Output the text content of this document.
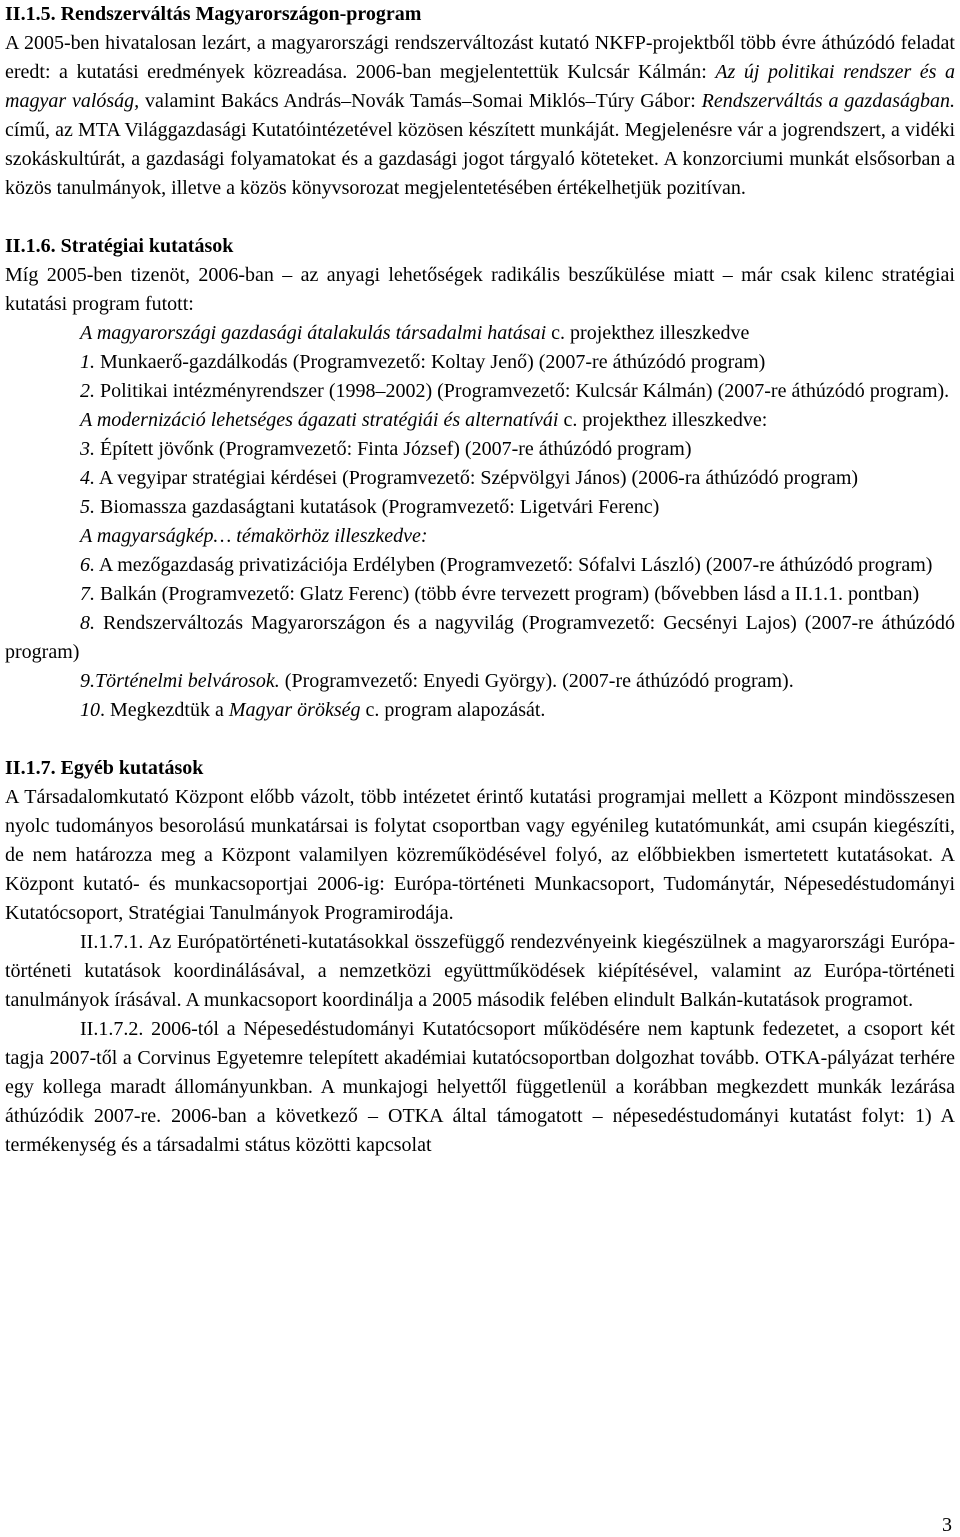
II.1.5. Rendszerváltás Magyarországon-program

A 2005-ben hivatalosan lezárt, a magyarországi rendszerváltozást kutató NKFP-projektből több évre áthúzódó feladat eredt: a kutatási eredmények közreadása. 2006-ban megjelentettük Kulcsár Kálmán: Az új politikai rendszer és a magyar valóság, valamint Bakács András–Novák Tamás–Somai Miklós–Túry Gábor: Rendszerváltás a gazdaságban. című, az MTA Világgazdasági Kutatóintézetével közösen készített munkáját. Megjelenésre vár a jogrendszert, a vidéki szokáskultúrát, a gazdasági folyamatokat és a gazdasági jogot tárgyaló köteteket. A konzorciumi munkát elsősorban a közös tanulmányok, illetve a közös könyvsorozat megjelentetésében értékelhetjük pozitívan.

II.1.6. Stratégiai kutatások

Míg 2005-ben tizenöt, 2006-ban – az anyagi lehetőségek radikális beszűkülése miatt – már csak kilenc stratégiai kutatási program futott:

A magyarországi gazdasági átalakulás társadalmi hatásai c. projekthez illeszkedve

1. Munkaerő-gazdálkodás (Programvezető: Koltay Jenő) (2007-re áthúzódó program)

2. Politikai intézményrendszer (1998–2002) (Programvezető: Kulcsár Kálmán) (2007-re áthúzódó program).

A modernizáció lehetséges ágazati stratégiái és alternatívái c. projekthez illeszkedve:

3. Épített jövőnk (Programvezető: Finta József) (2007-re áthúzódó program)

4. A vegyipar stratégiai kérdései (Programvezető: Szépvölgyi János) (2006-ra áthúzódó program)

5. Biomassza gazdaságtani kutatások (Programvezető: Ligetvári Ferenc)

A magyarságkép… témakörhöz illeszkedve:

6. A mezőgazdaság privatizációja Erdélyben (Programvezető: Sófalvi László) (2007-re áthúzódó program)

7. Balkán (Programvezető: Glatz Ferenc) (több évre tervezett program) (bővebben lásd a II.1.1. pontban)

8. Rendszerváltozás Magyarországon és a nagyvilág (Programvezető: Gecsényi Lajos) (2007-re áthúzódó program)

9.Történelmi belvárosok. (Programvezető: Enyedi György). (2007-re áthúzódó program).

10. Megkezdtük a Magyar örökség c. program alapozását.

II.1.7. Egyéb kutatások

A Társadalomkutató Központ előbb vázolt, több intézetet érintő kutatási programjai mellett a Központ mindösszesen nyolc tudományos besorolású munkatársai is folytat csoportban vagy egyénileg kutatómunkát, ami csupán kiegészíti, de nem határozza meg a Központ valamilyen közreműködésével folyó, az előbbiekben ismertetett kutatásokat. A Központ kutató- és munkacsoportjai 2006-ig: Európa-történeti Munkacsoport, Tudománytár, Népesedéstudományi Kutatócsoport, Stratégiai Tanulmányok Programirodája.

II.1.7.1. Az Európatörténeti-kutatásokkal összefüggő rendezvényeink kiegészülnek a magyarországi Európa-történeti kutatások koordinálásával, a nemzetközi együttműködések kiépítésével, valamint az Európa-történeti tanulmányok írásával. A munkacsoport koordinálja a 2005 második felében elindult Balkán-kutatások programot.

II.1.7.2. 2006-tól a Népesedéstudományi Kutatócsoport működésére nem kaptunk fedezetet, a csoport két tagja 2007-től a Corvinus Egyetemre telepített akadémiai kutatócsoportban dolgozhat tovább. OTKA-pályázat terhére egy kollega maradt állományunkban. A munkajogi helyettől függetlenül a korábban megkezdett munkák lezárása áthúzódik 2007-re. 2006-ban a következő – OTKA által támogatott – népesedéstudományi kutatást folyt: 1) A termékenység és a társadalmi státus közötti kapcsolat

3
